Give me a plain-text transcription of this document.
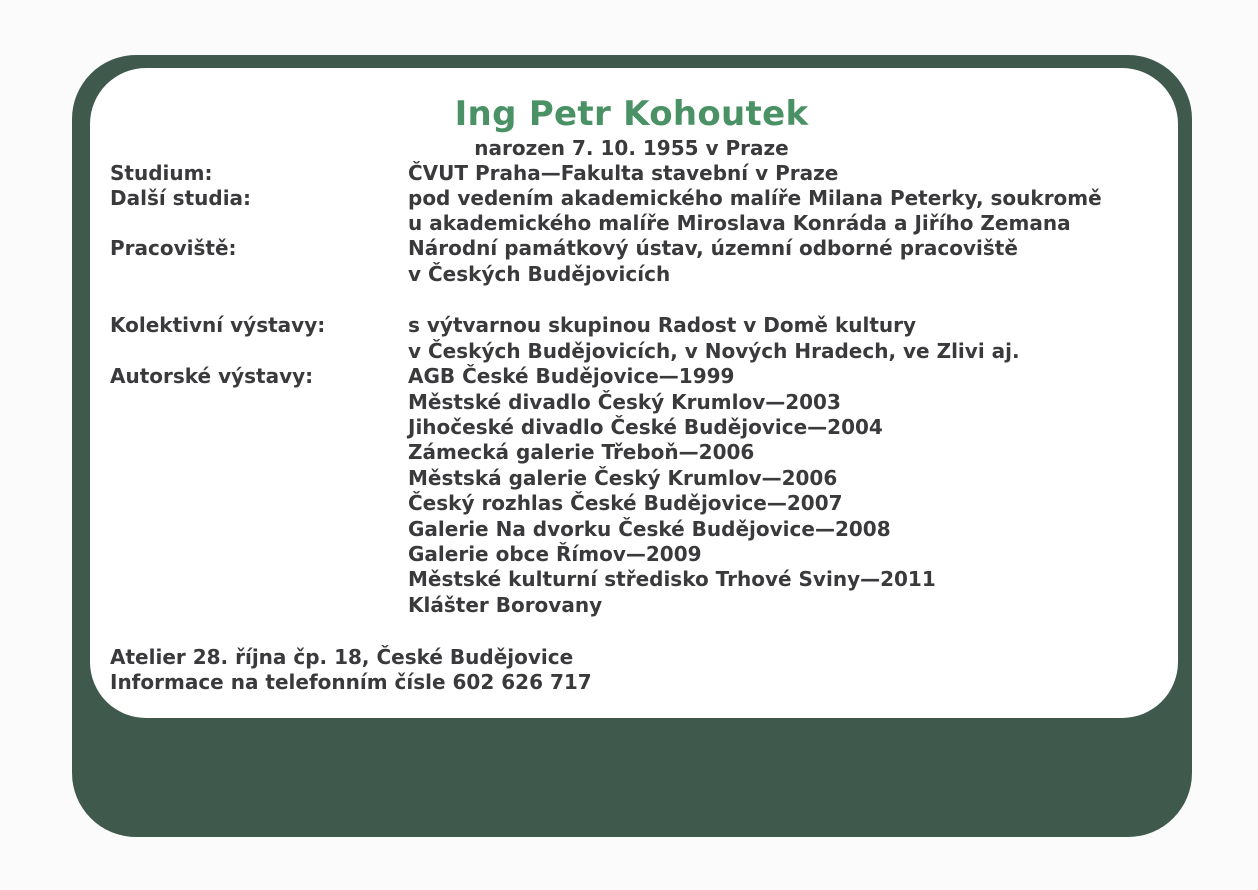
Ing Petr Kohoutek
narozen 7. 10. 1955 v Praze
Studium:	ČVUT Praha—Fakulta stavební v Praze
Další studia:	pod vedením akademického malíře Milana Peterky, soukromě
u akademického malíře Miroslava Konráda a Jiřího Zemana
Pracoviště:	Národní památkový ústav, územní odborné pracoviště
v Českých Budějovicích
Kolektivní výstavy:	s výtvarnou skupinou Radost v Domě kultury
v Českých Budějovicích, v Nových Hradech, ve Zlivi aj.
Autorské výstavy:	AGB České Budějovice—1999
Městské divadlo Český Krumlov—2003
Jihočeské divadlo České Budějovice—2004
Zámecká galerie Třeboň—2006
Městská galerie Český Krumlov—2006
Český rozhlas České Budějovice—2007
Galerie Na dvorku České Budějovice—2008
Galerie obce Římov—2009
Městské kulturní středisko Trhové Sviny—2011
Klášter Borovany
Atelier 28. října čp. 18, České Budějovice
Informace na telefonním čísle 602 626 717
